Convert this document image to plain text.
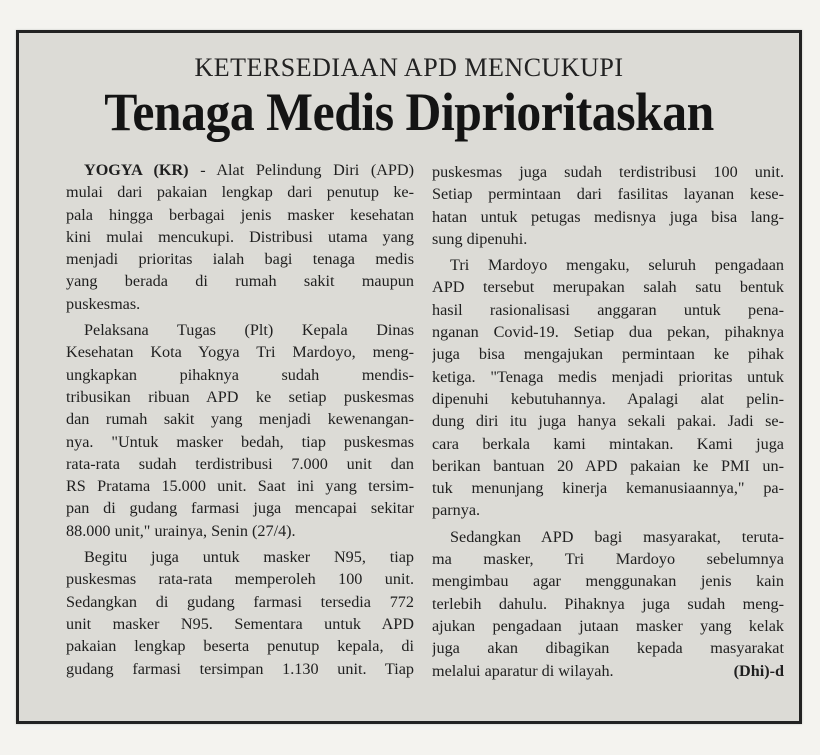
KETERSEDIAAN APD MENCUKUPI
Tenaga Medis Diprioritaskan
YOGYA (KR) - Alat Pelindung Diri (APD)
mulai dari pakaian lengkap dari penutup ke-
pala hingga berbagai jenis masker kesehatan
kini mulai mencukupi. Distribusi utama yang
menjadi prioritas ialah bagi tenaga medis
yang berada di rumah sakit maupun
puskesmas.
Pelaksana Tugas (Plt) Kepala Dinas
Kesehatan Kota Yogya Tri Mardoyo, meng-
ungkapkan pihaknya sudah mendis-
tribusikan ribuan APD ke setiap puskesmas
dan rumah sakit yang menjadi kewenangan-
nya. "Untuk masker bedah, tiap puskesmas
rata-rata sudah terdistribusi 7.000 unit dan
RS Pratama 15.000 unit. Saat ini yang tersim-
pan di gudang farmasi juga mencapai sekitar
88.000 unit," urainya, Senin (27/4).
Begitu juga untuk masker N95, tiap
puskesmas rata-rata memperoleh 100 unit.
Sedangkan di gudang farmasi tersedia 772
unit masker N95. Sementara untuk APD
pakaian lengkap beserta penutup kepala, di
gudang farmasi tersimpan 1.130 unit. Tiap
puskesmas juga sudah terdistribusi 100 unit.
Setiap permintaan dari fasilitas layanan kese-
hatan untuk petugas medisnya juga bisa lang-
sung dipenuhi.
Tri Mardoyo mengaku, seluruh pengadaan
APD tersebut merupakan salah satu bentuk
hasil rasionalisasi anggaran untuk pena-
nganan Covid-19. Setiap dua pekan, pihaknya
juga bisa mengajukan permintaan ke pihak
ketiga. "Tenaga medis menjadi prioritas untuk
dipenuhi kebutuhannya. Apalagi alat pelin-
dung diri itu juga hanya sekali pakai. Jadi se-
cara berkala kami mintakan. Kami juga
berikan bantuan 20 APD pakaian ke PMI un-
tuk menunjang kinerja kemanusiaannya," pa-
parnya.
Sedangkan APD bagi masyarakat, teruta-
ma masker, Tri Mardoyo sebelumnya
mengimbau agar menggunakan jenis kain
terlebih dahulu. Pihaknya juga sudah meng-
ajukan pengadaan jutaan masker yang kelak
juga akan dibagikan kepada masyarakat
melalui aparatur di wilayah.	(Dhi)-d
